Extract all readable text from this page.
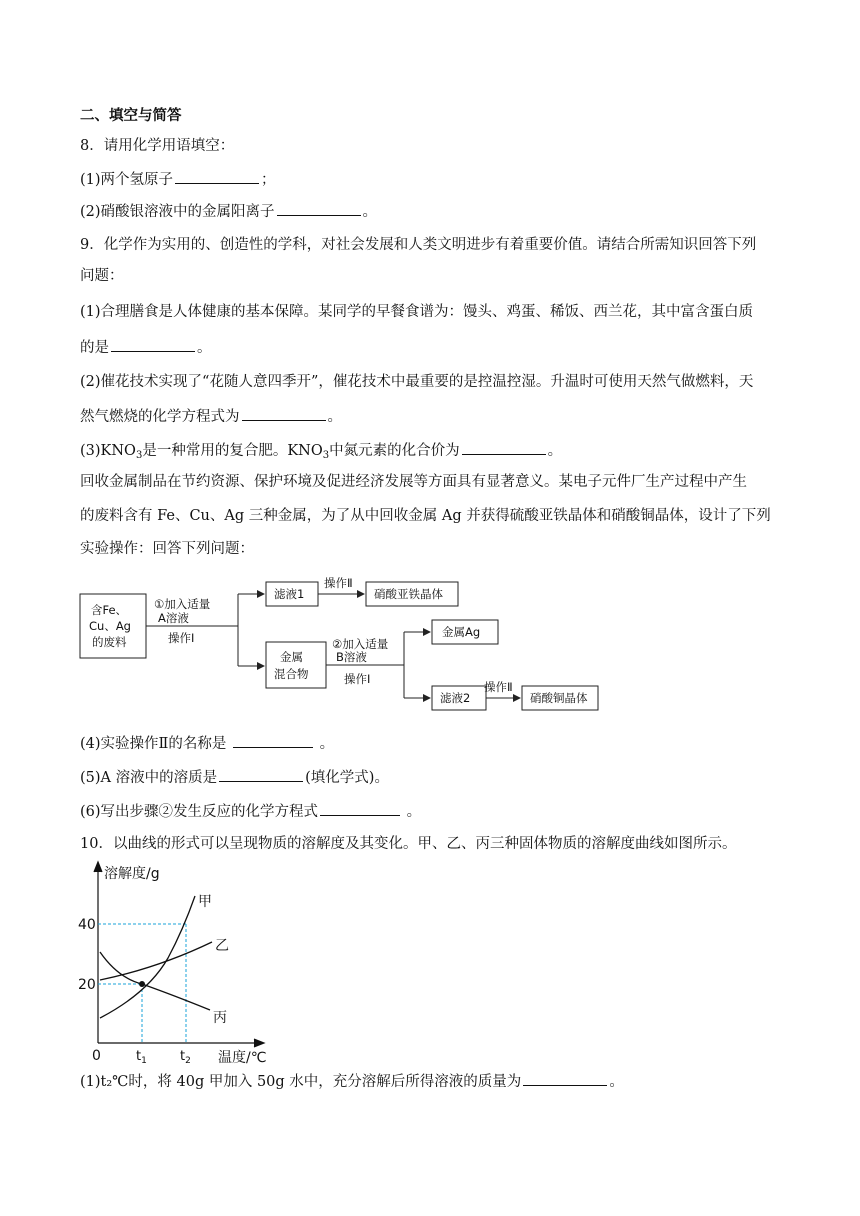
二、填空与简答
8．请用化学用语填空：
(1)两个氢原子	；
(2)硝酸银溶液中的金属阳离子	。
9．化学作为实用的、创造性的学科，对社会发展和人类文明进步有着重要价值。请结合所需知识回答下列
问题：
(1)合理膳食是人体健康的基本保障。某同学的早餐食谱为：馒头、鸡蛋、稀饭、西兰花，其中富含蛋白质
的是	。
(2)催花技术实现了“花随人意四季开”，催花技术中最重要的是控温控湿。升温时可使用天然气做燃料，天
然气燃烧的化学方程式为	。
$(3)KNO_3$是一种常用的复合肥。$KNO_3$中氮元素的化合价为	。
回收金属制品在节约资源、保护环境及促进经济发展等方面具有显著意义。某电子元件厂生产过程中产生
的废料含有 Fe、Cu、Ag 三种金属，为了从中回收金属 Ag 并获得硫酸亚铁晶体和硝酸铜晶体，设计了下列
实验操作：回答下列问题：
含Fe、
Cu、Ag
的废料
①加入适量
A溶液
操作Ⅰ
滤液1
操作Ⅱ
硝酸亚铁晶体
金属
混合物
②加入适量
B溶液
操作Ⅰ
金属Ag
滤液2
操作Ⅱ
硝酸铜晶体
(4)实验操作Ⅱ的名称是	。
(5)A 溶液中的溶质是	(填化学式)。
(6)写出步骤②发生反应的化学方程式	。
10．以曲线的形式可以呈现物质的溶解度及其变化。甲、乙、丙三种固体物质的溶解度曲线如图所示。
溶解度/g
温度/℃
0
40
20
甲
乙
丙
$t_1$	$t_2$
(1)t₂℃时，将 40g 甲加入 50g 水中，充分溶解后所得溶液的质量为	。
